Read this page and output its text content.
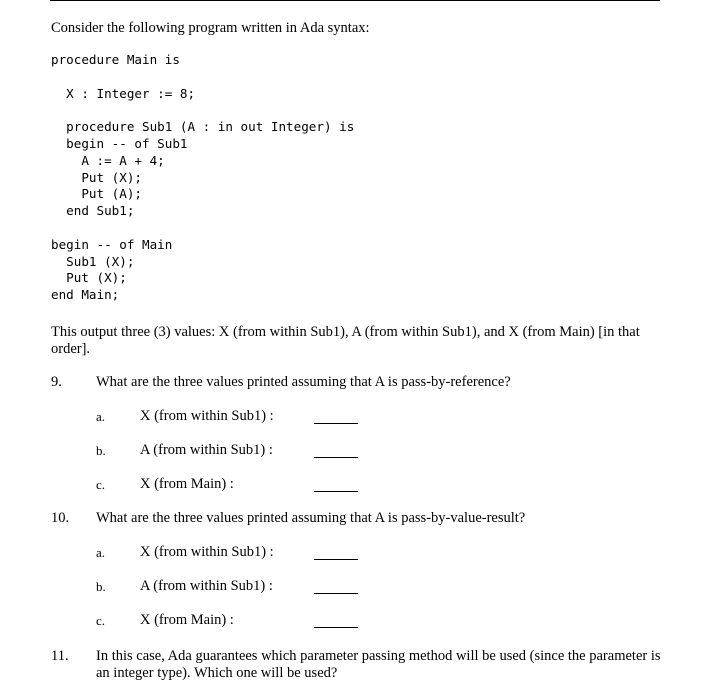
Consider the following program written in Ada syntax:
procedure Main is

X : Integer := 8;

procedure Sub1 (A : in out Integer) is
begin -- of Sub1
A := A + 4;
Put (X);
Put (A);
end Sub1;

begin -- of Main
Sub1 (X);
Put (X);
end Main;
This output three (3) values: X (from within Sub1), A (from within Sub1), and X (from Main) [in that order].
9. What are the three values printed assuming that A is pass-by-reference?
a. X (from within Sub1) :
b. A (from within Sub1) :
c. X (from Main) :
10. What are the three values printed assuming that A is pass-by-value-result?
a. X (from within Sub1) :
b. A (from within Sub1) :
c. X (from Main) :
11. In this case, Ada guarantees which parameter passing method will be used (since the parameter is an integer type). Which one will be used?
